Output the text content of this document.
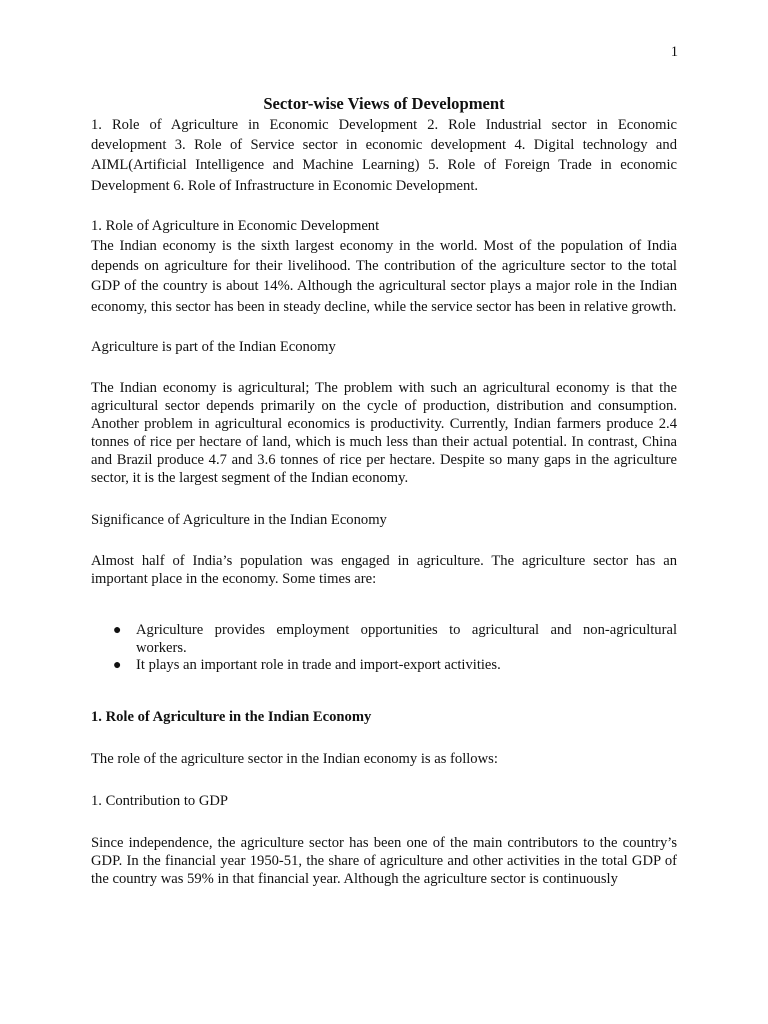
1
Sector-wise Views of Development

1. Role of Agriculture in Economic Development 2. Role Industrial sector in Economic development 3. Role of Service sector in economic development 4. Digital technology and AIML(Artificial Intelligence and Machine Learning) 5. Role of Foreign Trade in economic Development 6. Role of Infrastructure in Economic Development.

1. Role of Agriculture in Economic Development

The Indian economy is the sixth largest economy in the world. Most of the population of India depends on agriculture for their livelihood. The contribution of the agriculture sector to the total GDP of the country is about 14%. Although the agricultural sector plays a major role in the Indian economy, this sector has been in steady decline, while the service sector has been in relative growth.

Agriculture is part of the Indian Economy

The Indian economy is agricultural; The problem with such an agricultural economy is that the agricultural sector depends primarily on the cycle of production, distribution and consumption. Another problem in agricultural economics is productivity. Currently, Indian farmers produce 2.4 tonnes of rice per hectare of land, which is much less than their actual potential. In contrast, China and Brazil produce 4.7 and 3.6 tonnes of rice per hectare. Despite so many gaps in the agriculture sector, it is the largest segment of the Indian economy.

Significance of Agriculture in the Indian Economy

Almost half of India’s population was engaged in agriculture. The agriculture sector has an important place in the economy. Some times are:

● Agriculture provides employment opportunities to agricultural and non-agricultural workers.
● It plays an important role in trade and import-export activities.

1. Role of Agriculture in the Indian Economy

The role of the agriculture sector in the Indian economy is as follows:

1. Contribution to GDP

Since independence, the agriculture sector has been one of the main contributors to the country’s GDP. In the financial year 1950-51, the share of agriculture and other activities in the total GDP of the country was 59% in that financial year. Although the agriculture sector is continuously
